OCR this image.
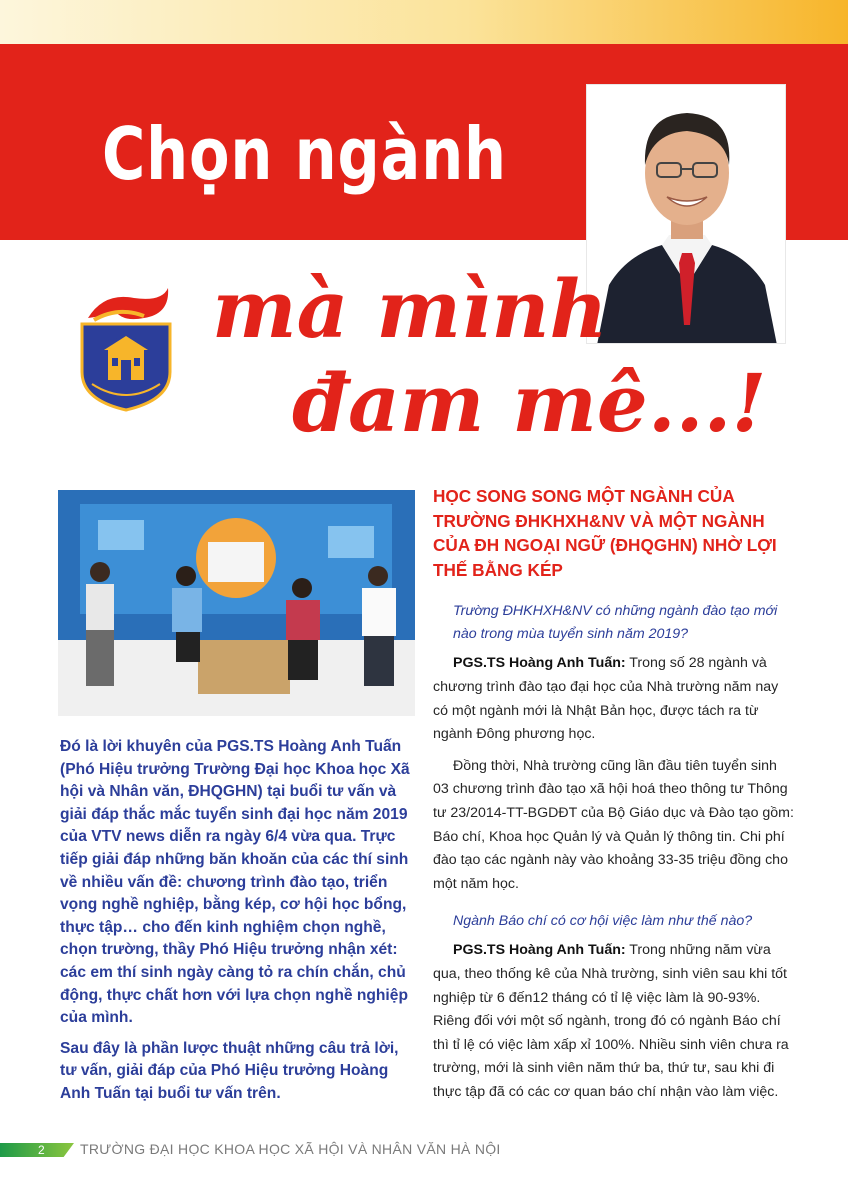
Chọn ngành
mà mình
đam mê...!

Đó là lời khuyên của PGS.TS Hoàng Anh Tuấn (Phó Hiệu trưởng Trường Đại học Khoa học Xã hội và Nhân văn, ĐHQGHN) tại buổi tư vấn và giải đáp thắc mắc tuyển sinh đại học năm 2019 của VTV news diễn ra ngày 6/4 vừa qua. Trực tiếp giải đáp những băn khoăn của các thí sinh về nhiều vấn đề: chương trình đào tạo, triển vọng nghề nghiệp, bằng kép, cơ hội học bổng, thực tập… cho đến kinh nghiệm chọn nghề, chọn trường, thầy Phó Hiệu trưởng nhận xét: các em thí sinh ngày càng tỏ ra chín chắn, chủ động, thực chất hơn với lựa chọn nghề nghiệp của mình.

Sau đây là phần lược thuật những câu trả lời, tư vấn, giải đáp của Phó Hiệu trưởng Hoàng Anh Tuấn tại buổi tư vấn trên.

HỌC SONG SONG MỘT NGÀNH CỦA TRƯỜNG ĐHKHXH&NV VÀ MỘT NGÀNH CỦA ĐH NGOẠI NGỮ (ĐHQGHN) NHỜ LỢI THẾ BẰNG KÉP

Trường ĐHKHXH&NV có những ngành đào tạo mới nào trong mùa tuyển sinh năm 2019?

PGS.TS Hoàng Anh Tuấn: Trong số 28 ngành và chương trình đào tạo đại học của Nhà trường năm nay có một ngành mới là Nhật Bản học, được tách ra từ ngành Đông phương học.

Đồng thời, Nhà trường cũng lần đầu tiên tuyển sinh 03 chương trình đào tạo xã hội hoá theo thông tư Thông tư 23/2014-TT-BGDĐT của Bộ Giáo dục và Đào tạo gồm: Báo chí, Khoa học Quản lý và Quản lý thông tin. Chi phí đào tạo các ngành này vào khoảng 33-35 triệu đồng cho một năm học.

Ngành Báo chí có cơ hội việc làm như thế nào?

PGS.TS Hoàng Anh Tuấn: Trong những năm vừa qua, theo thống kê của Nhà trường, sinh viên sau khi tốt nghiệp từ 6 đến12 tháng có tỉ lệ việc làm là 90-93%. Riêng đối với một số ngành, trong đó có ngành Báo chí thì tỉ lệ có việc làm xấp xỉ 100%. Nhiều sinh viên chưa ra trường, mới là sinh viên năm thứ ba, thứ tư, sau khi đi thực tập đã có các cơ quan báo chí nhận vào làm việc.

2	TRƯỜNG ĐẠI HỌC KHOA HỌC XÃ HỘI VÀ NHÂN VĂN HÀ NỘI
